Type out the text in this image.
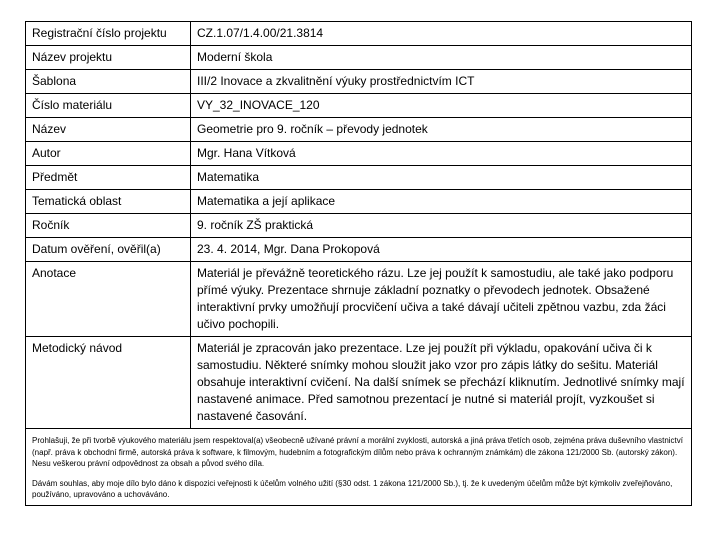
Registrační číslo projektu	CZ.1.07/1.4.00/21.3814
Název projektu	Moderní škola
Šablona	III/2 Inovace a zkvalitnění výuky prostřednictvím ICT
Číslo materiálu	VY_32_INOVACE_120
Název	Geometrie pro 9. ročník – převody jednotek
Autor	Mgr. Hana Vítková
Předmět	Matematika
Tematická oblast	Matematika a její aplikace
Ročník	9. ročník ZŠ praktická
Datum ověření, ověřil(a)	23. 4. 2014, Mgr. Dana Prokopová
Anotace	Materiál je převážně teoretického rázu. Lze jej použít k samostudiu, ale také jako podporu přímé výuky. Prezentace shrnuje základní poznatky o převodech jednotek. Obsažené interaktivní prvky umožňují procvičení učiva a také dávají učiteli zpětnou vazbu, zda žáci učivo pochopili.
Metodický návod	Materiál je zpracován jako prezentace. Lze jej použít při výkladu, opakování učiva či k samostudiu. Některé snímky mohou sloužit jako vzor pro zápis látky do sešitu. Materiál obsahuje interaktivní cvičení. Na další snímek se přechází kliknutím. Jednotlivé snímky mají nastavené animace. Před samotnou prezentací je nutné si materiál projít, vyzkoušet si nastavené časování.

Prohlašuji, že při tvorbě výukového materiálu jsem respektoval(a) všeobecně užívané právní a morální zvyklosti, autorská a jiná práva třetích osob, zejména práva duševního vlastnictví (např. práva k obchodní firmě, autorská práva k software, k filmovým, hudebním a fotografickým dílům nebo práva k ochranným známkám) dle zákona 121/2000 Sb. (autorský zákon). Nesu veškerou právní odpovědnost za obsah a původ svého díla.

Dávám souhlas, aby moje dílo bylo dáno k dispozici veřejnosti k účelům volného užití (§30 odst. 1 zákona 121/2000 Sb.), tj. že k uvedeným účelům může být kýmkoliv zveřejňováno, používáno, upravováno a uchováváno.
